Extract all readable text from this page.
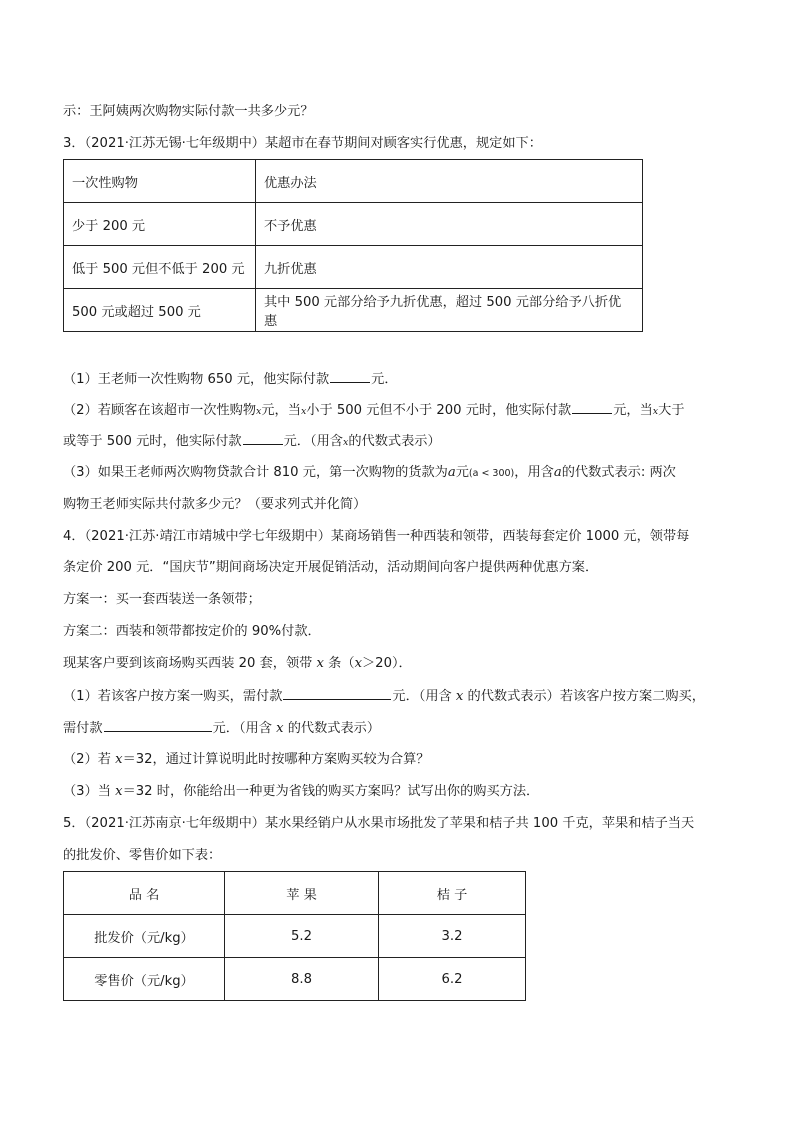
示：王阿姨两次购物实际付款一共多少元？
3．（2021·江苏无锡·七年级期中）某超市在春节期间对顾客实行优惠，规定如下：
一次性购物	优惠办法
少于 200 元	不予优惠
低于 500 元但不低于 200 元	九折优惠
500 元或超过 500 元	其中 500 元部分给予九折优惠，超过 500 元部分给予八折优惠
（1）王老师一次性购物 650 元，他实际付款	元．
（2）若顾客在该超市一次性购物x元，当x小于 500 元但不小于 200 元时，他实际付款	元，当x大于
或等于 500 元时，他实际付款	元．（用含x的代数式表示）
（3）如果王老师两次购物贷款合计 810 元，第一次购物的货款为a元(a < 300)，用含a的代数式表示: 两次
购物王老师实际共付款多少元？（要求列式并化简）
4．（2021·江苏·靖江市靖城中学七年级期中）某商场销售一种西装和领带，西装每套定价 1000 元，领带每
条定价 200 元．“国庆节”期间商场决定开展促销活动，活动期间向客户提供两种优惠方案．
方案一：买一套西装送一条领带；
方案二：西装和领带都按定价的 90%付款．
现某客户要到该商场购买西装 20 套，领带 x 条（x＞20）．
（1）若该客户按方案一购买，需付款	元．（用含 x 的代数式表示）若该客户按方案二购买，
需付款	元．（用含 x 的代数式表示）
（2）若 x＝32，通过计算说明此时按哪种方案购买较为合算？
（3）当 x＝32 时，你能给出一种更为省钱的购买方案吗？试写出你的购买方法．
5．（2021·江苏南京·七年级期中）某水果经销户从水果市场批发了苹果和桔子共 100 千克，苹果和桔子当天
的批发价、零售价如下表：
品 名	苹 果	桔 子
批发价（元/kg）	5.2	3.2
零售价（元/kg）	8.8	6.2
